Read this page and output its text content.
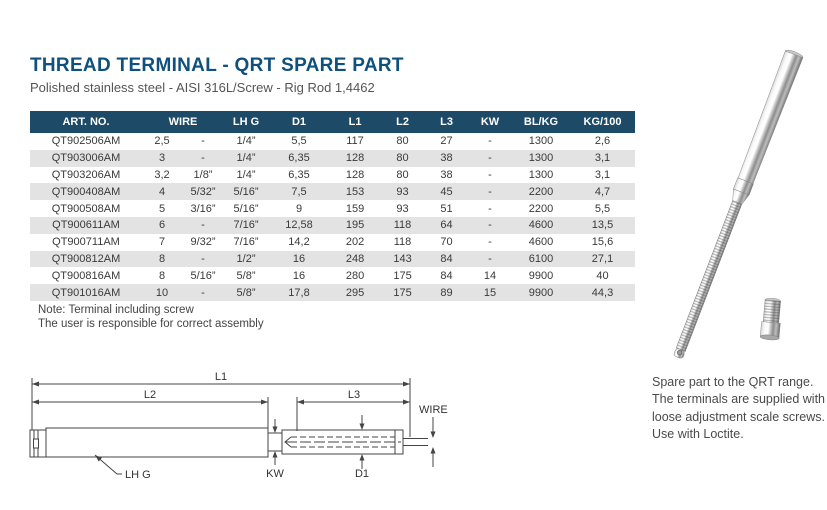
THREAD TERMINAL - QRT SPARE PART
Polished stainless steel - AISI 316L/Screw - Rig Rod 1,4462
ART. NO.	WIRE		LH G	D1	L1	L2	L3	KW	BL/KG	KG/100
QT902506AM	2,5	-	1/4”	5,5	117	80	27	-	1300	2,6
QT903006AM	3	-	1/4”	6,35	128	80	38	-	1300	3,1
QT903206AM	3,2	1/8”	1/4”	6,35	128	80	38	-	1300	3,1
QT900408AM	4	5/32”	5/16”	7,5	153	93	45	-	2200	4,7
QT900508AM	5	3/16”	5/16”	9	159	93	51	-	2200	5,5
QT900611AM	6	-	7/16”	12,58	195	118	64	-	4600	13,5
QT900711AM	7	9/32”	7/16”	14,2	202	118	70	-	4600	15,6
QT900812AM	8	-	1/2”	16	248	143	84	-	6100	27,1
QT900816AM	8	5/16”	5/8”	16	280	175	84	14	9900	40
QT901016AM	10	-	5/8”	17,8	295	175	89	15	9900	44,3
Note: Terminal including screw
The user is responsible for correct assembly
L1
L2	L3
WIRE
KW	D1
LH G
Spare part to the QRT range.
The terminals are supplied with
loose adjustment scale screws.
Use with Loctite.
